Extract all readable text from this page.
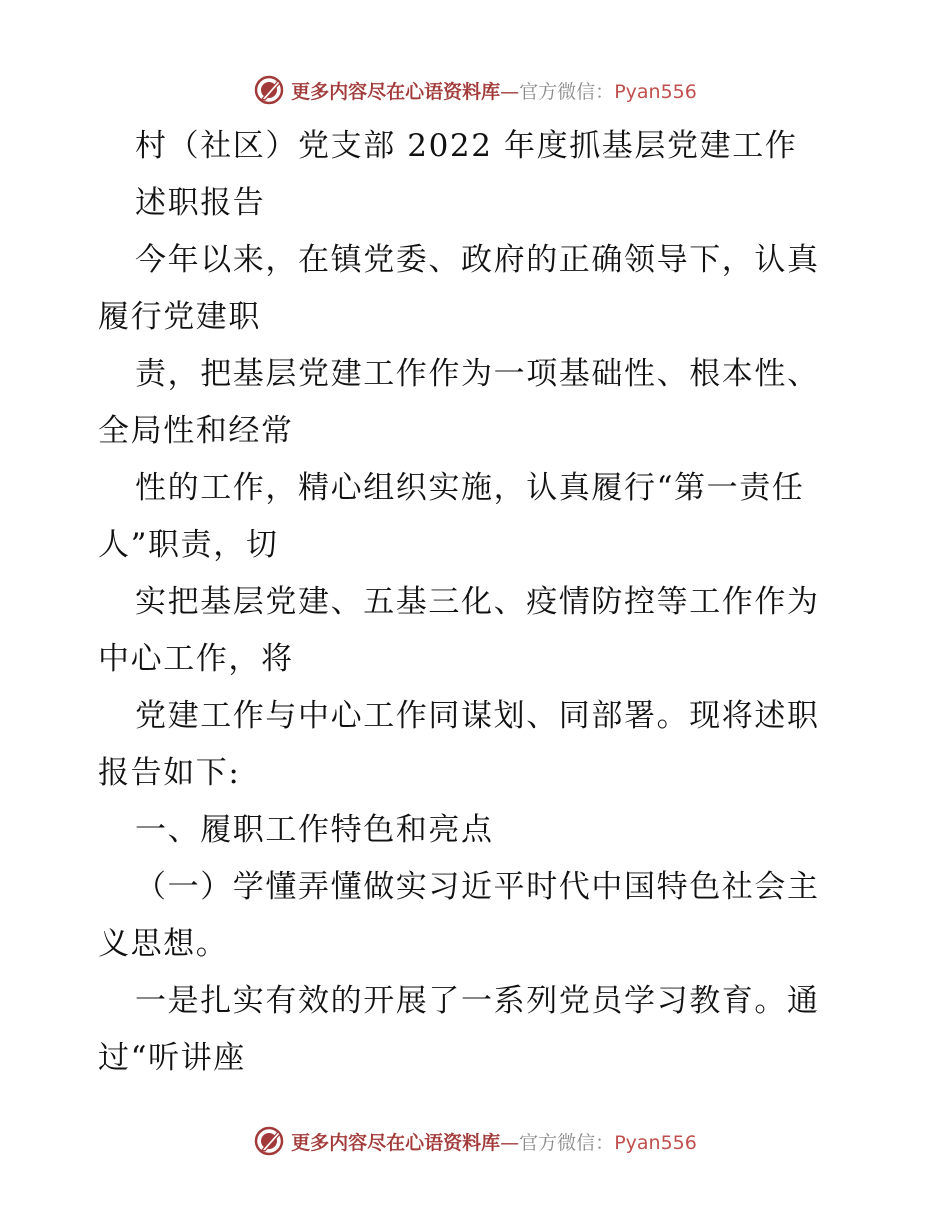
更多内容尽在心语资料库—官方微信：Pyan556
村（社区）党支部 2022 年度抓基层党建工作
述职报告
今年以来，在镇党委、政府的正确领导下，认真
履行党建职
责，把基层党建工作作为一项基础性、根本性、
全局性和经常
性的工作，精心组织实施，认真履行“第一责任
人”职责，切
实把基层党建、五基三化、疫情防控等工作作为
中心工作，将
党建工作与中心工作同谋划、同部署。现将述职
报告如下:
一、履职工作特色和亮点
（一）学懂弄懂做实习近平时代中国特色社会主
义思想。
一是扎实有效的开展了一系列党员学习教育。通
过“听讲座
更多内容尽在心语资料库—官方微信：Pyan556
